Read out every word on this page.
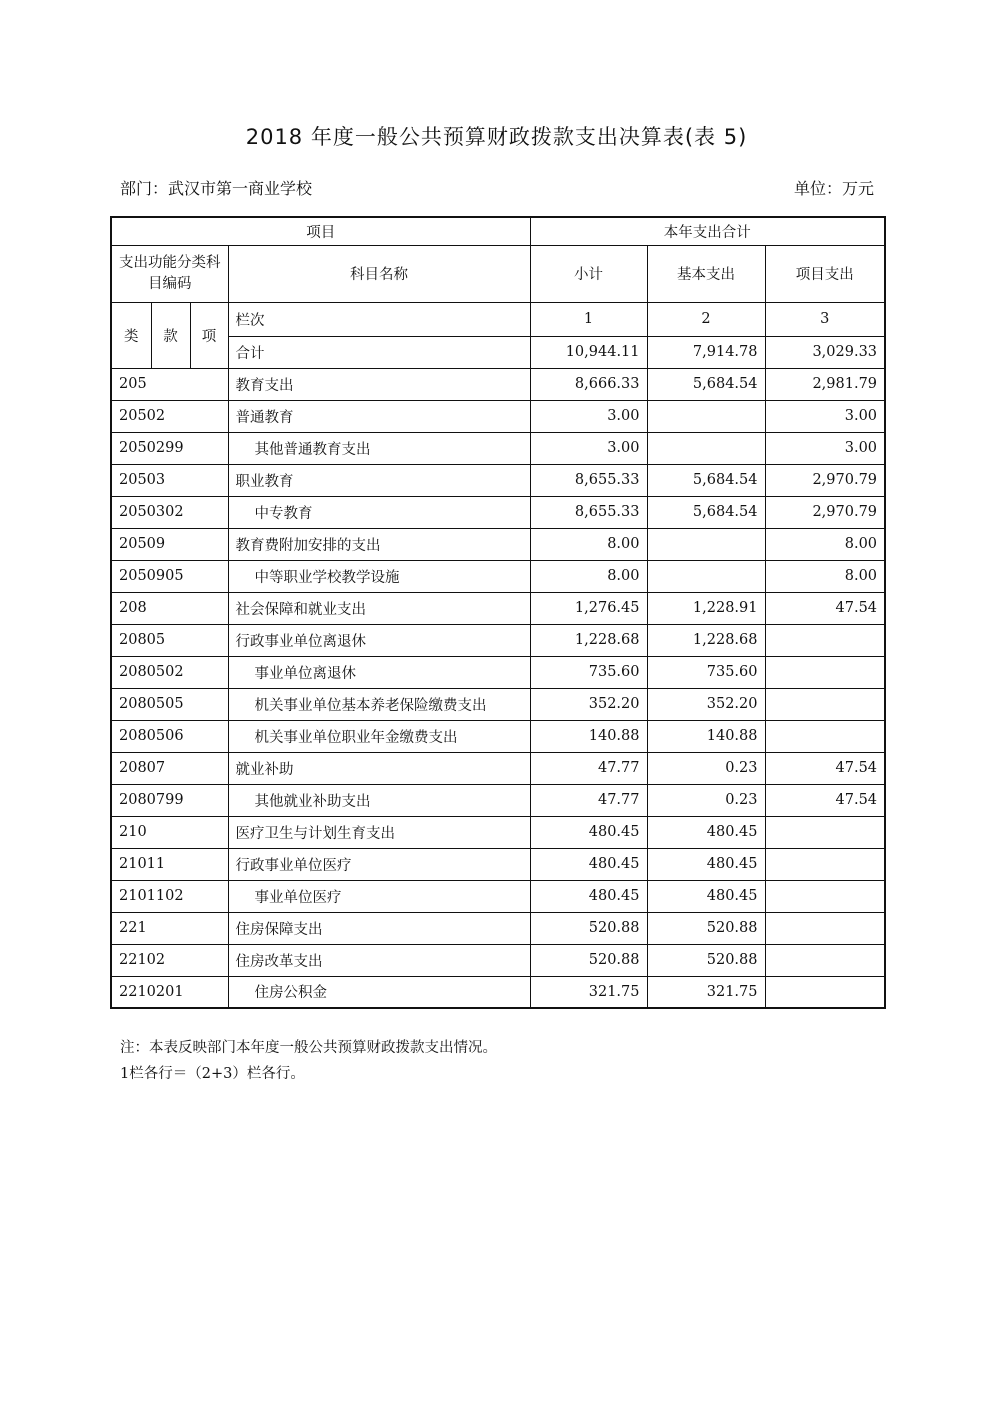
2018 年度一般公共预算财政拨款支出决算表(表 5)
部门：武汉市第一商业学校	单位：万元
项目				本年支出合计		
支出功能分类科目编码			科目名称	小计	基本支出	项目支出
类	款	项	栏次	1	2	3
			合计	10,944.11	7,914.78	3,029.33
205			教育支出	8,666.33	5,684.54	2,981.79
20502			普通教育	3.00		3.00
2050299			其他普通教育支出	3.00		3.00
20503			职业教育	8,655.33	5,684.54	2,970.79
2050302			中专教育	8,655.33	5,684.54	2,970.79
20509			教育费附加安排的支出	8.00		8.00
2050905			中等职业学校教学设施	8.00		8.00
208			社会保障和就业支出	1,276.45	1,228.91	47.54
20805			行政事业单位离退休	1,228.68	1,228.68	
2080502			事业单位离退休	735.60	735.60	
2080505			机关事业单位基本养老保险缴费支出	352.20	352.20	
2080506			机关事业单位职业年金缴费支出	140.88	140.88	
20807			就业补助	47.77	0.23	47.54
2080799			其他就业补助支出	47.77	0.23	47.54
210			医疗卫生与计划生育支出	480.45	480.45	
21011			行政事业单位医疗	480.45	480.45	
2101102			事业单位医疗	480.45	480.45	
221			住房保障支出	520.88	520.88	
22102			住房改革支出	520.88	520.88	
2210201			住房公积金	321.75	321.75	
注：本表反映部门本年度一般公共预算财政拨款支出情况。
1栏各行＝（2+3）栏各行。
